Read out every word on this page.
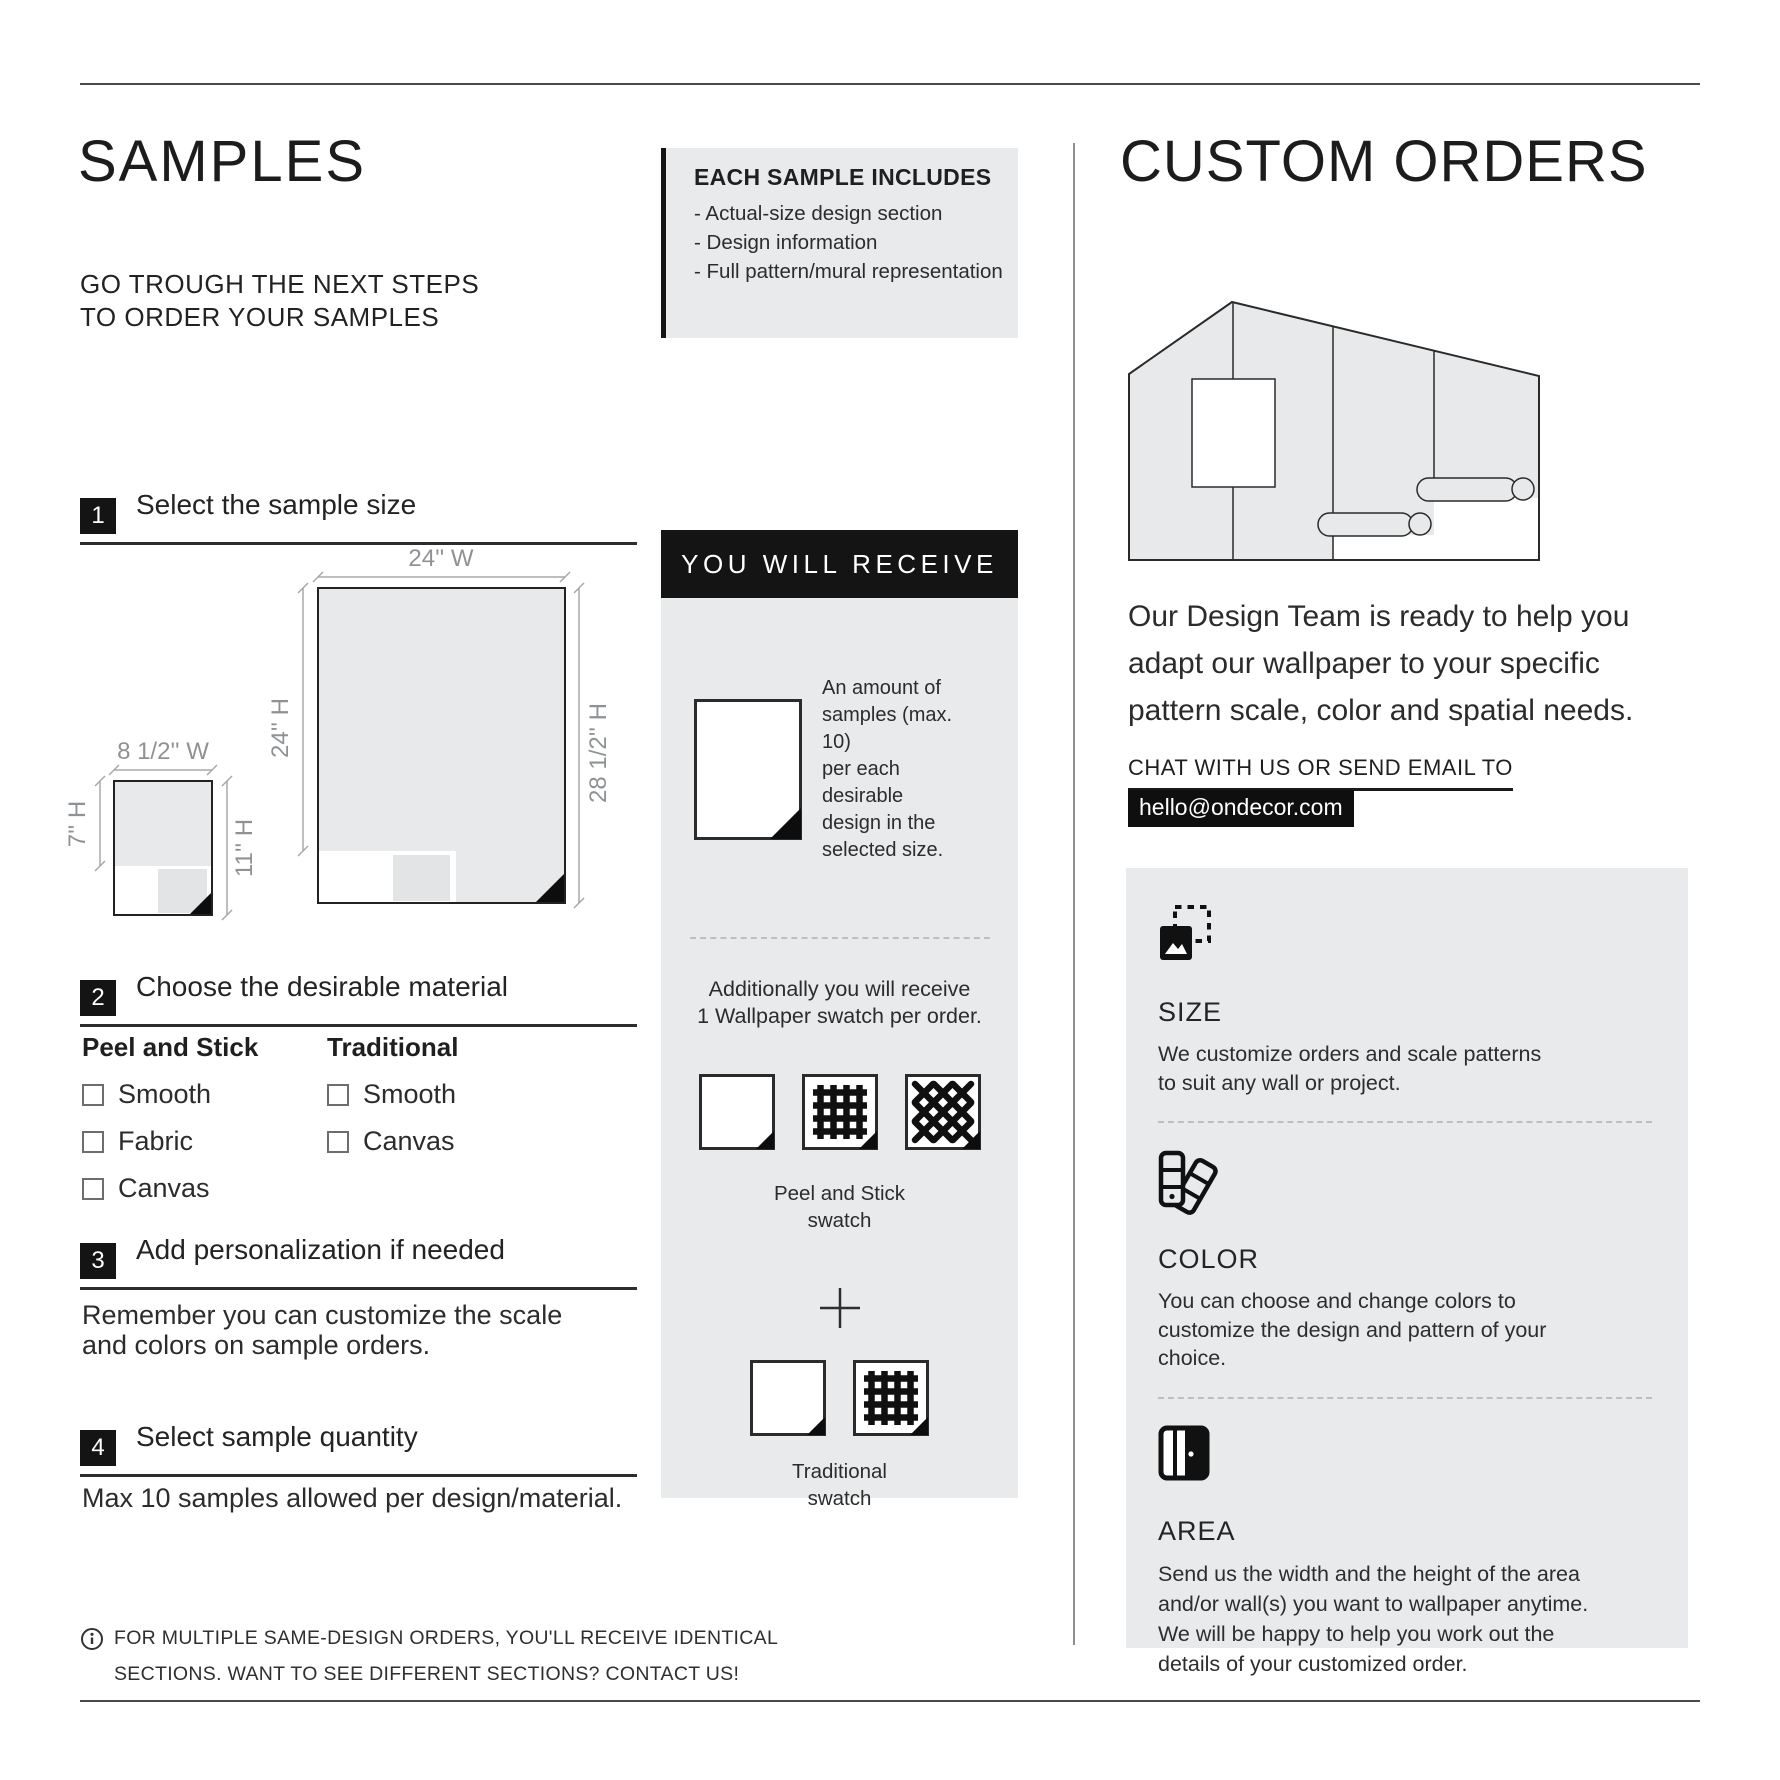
SAMPLES
GO TROUGH THE NEXT STEPS
TO ORDER YOUR SAMPLES
EACH SAMPLE INCLUDES
- Actual-size design section
- Design information
- Full pattern/mural representation
1 Select the sample size
2 Choose the desirable material
3 Add personalization if needed
4 Select sample quantity
24'' W
24'' H	28 1/2'' H
8 1/2'' W
7'' H	11'' H
Peel and Stick
Smooth
Fabric
Canvas
Traditional
Smooth
Canvas
Remember you can customize the scale
and colors on sample orders.
Max 10 samples allowed per design/material.
FOR MULTIPLE SAME-DESIGN ORDERS, YOU'LL RECEIVE IDENTICAL
SECTIONS. WANT TO SEE DIFFERENT SECTIONS? CONTACT US!
YOU WILL RECEIVE
An amount of
samples (max. 10)
per each desirable
design in the
selected size.
Additionally you will receive
1 Wallpaper swatch per order.
Peel and Stick
swatch
Traditional
swatch
CUSTOM ORDERS
Our Design Team is ready to help you
adapt our wallpaper to your specific
pattern scale, color and spatial needs.
CHAT WITH US OR SEND EMAIL TO
hello@ondecor.com
SIZE
We customize orders and scale patterns
to suit any wall or project.
COLOR
You can choose and change colors to
customize the design and pattern of your
choice.
AREA
Send us the width and the height of the area
and/or wall(s) you want to wallpaper anytime.
We will be happy to help you work out the
details of your customized order.
